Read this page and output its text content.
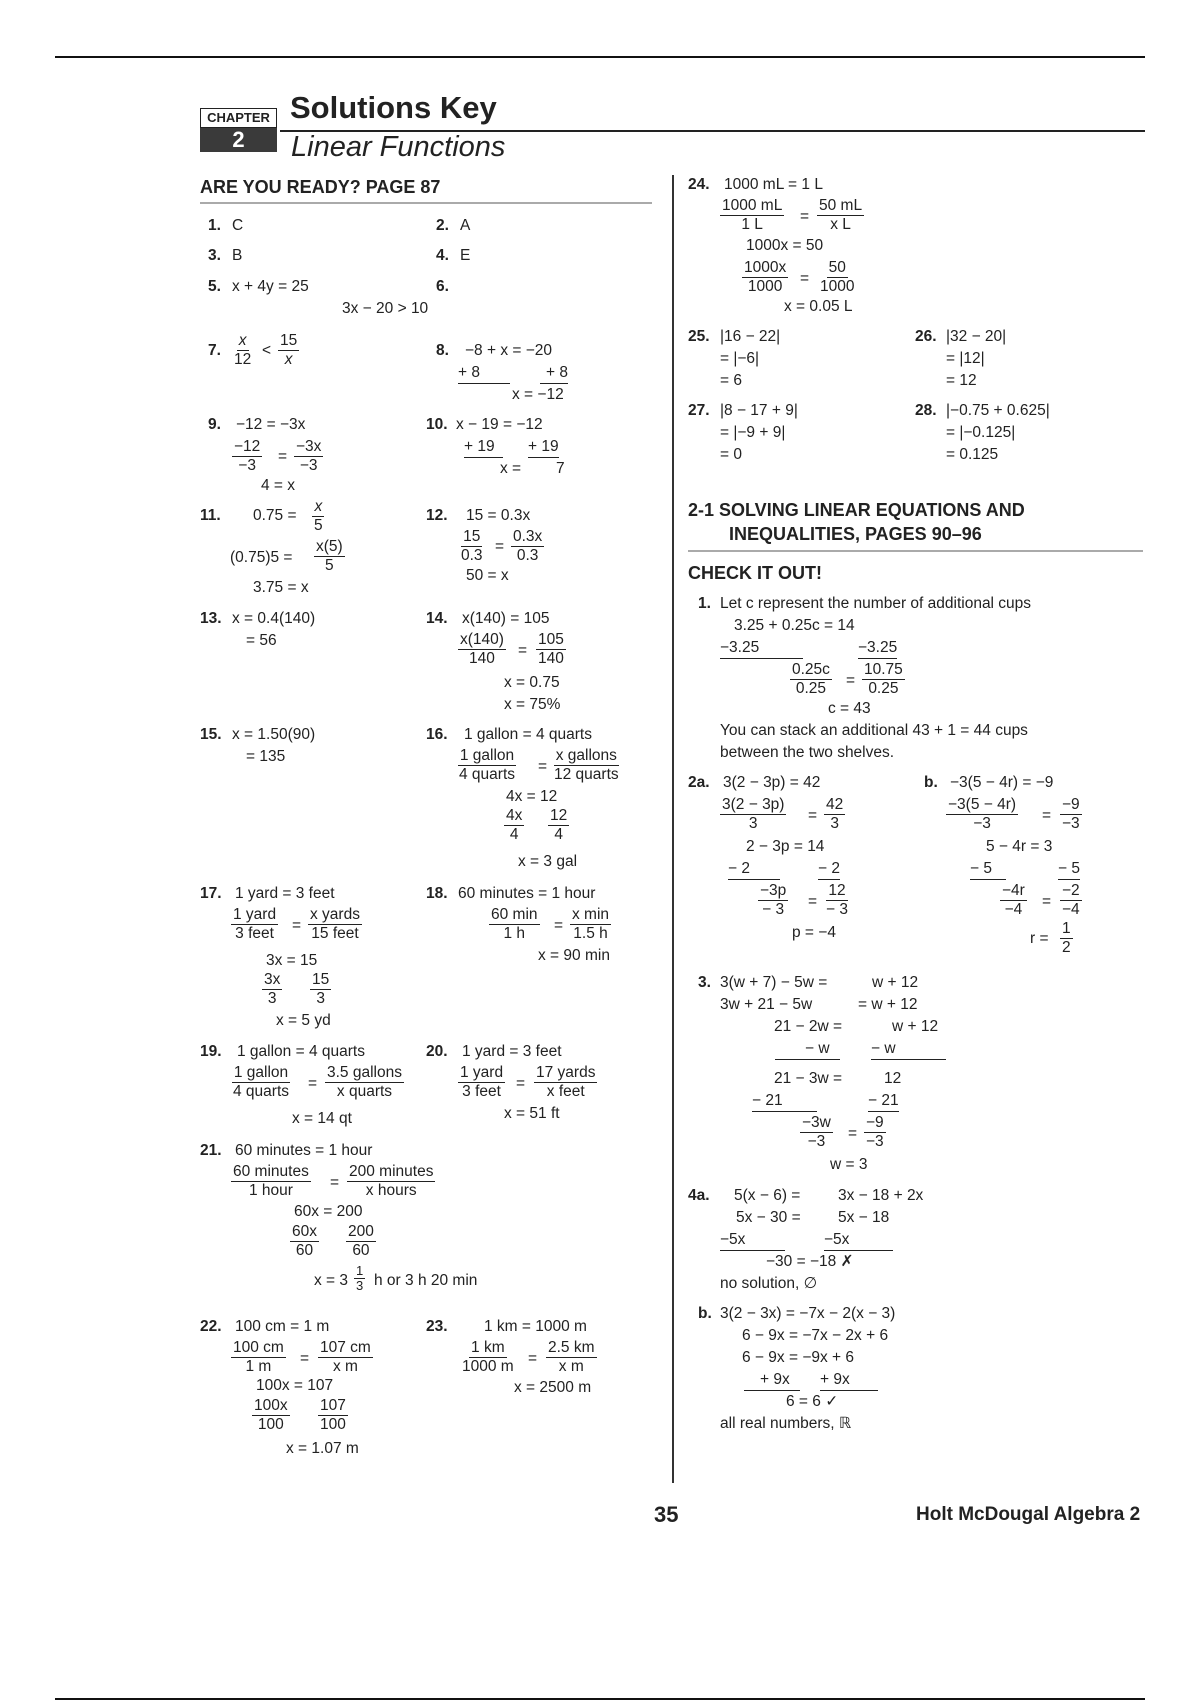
CHAPTER
2
Solutions Key
Linear Functions
ARE YOU READY? PAGE 87
1. C	2. A
3. B	4. E
5. x + 4y = 25	6.
3x − 20 > 10
7. $\frac{x}{12} < \frac{15}{x}$	8. −8 + x = −20
+ 8	+ 8
x = −12
9. −12 = −3x
$\frac{-12}{-3} = \frac{-3x}{-3}$
4 = x
10. x − 19 = −12
+ 19	+ 19
x = 7
11. $0.75 = \frac{x}{5}$
$(0.75)5 = \frac{x(5)}{5}$
3.75 = x
12. 15 = 0.3x
$\frac{15}{0.3} = \frac{0.3x}{0.3}$
50 = x
13. x = 0.4(140)
= 56
14. x(140) = 105
$\frac{x(140)}{140} = \frac{105}{140}$
x = 0.75
x = 75%
15. x = 1.50(90)
= 135
16. 1 gallon = 4 quarts
1 gallon
4 quarts =
x gallons
12 quarts
4x = 12
$\frac{4x}{4} \frac{12}{4}$
x = 3 gal
17. 1 yard = 3 feet
1 yard
3 feet =
x yards
15 feet
3x = 15
$\frac{3x}{3} \frac{15}{3}$
x = 5 yd
18. 60 minutes = 1 hour
60 min
1 h =
x min
1.5 h
x = 90 min
19. 1 gallon = 4 quarts
1 gallon
4 quarts =
3.5 gallons
x quarts
x = 14 qt
20. 1 yard = 3 feet
1 yard
3 feet =
17 yards
x feet
x = 51 ft
21. 60 minutes = 1 hour
60 minutes
1 hour =
200 minutes
x hours
60x = 200
$\frac{60x}{60} \frac{200}{60}$
$x = 3 \frac{1}{3}$ h or 3 h 20 min
22. 100 cm = 1 m
$\frac{100 cm}{1 m} = \frac{107 cm}{\text{x m}}$
100x = 107
$\frac{100x}{100} \frac{107}{100}$
x = 1.07 m
23. 1 km = 1000 m
$\frac{1 km}{1000 m} = \frac{2.5 km}{\text{x m}}$
x = 2500 m
24. 1000 mL = 1 L
$\frac{1000 mL}{1 L} = \frac{50 mL}{\text{x L}}$
1000x = 50
$\frac{1000x}{1000} = \frac{50}{1000}$
x = 0.05 L
25. |16 − 22|
= |−6|
= 6
26. |32 − 20|
= |12|
= 12
27. |8 − 17 + 9|
= |−9 + 9|
= 0
28. |−0.75 + 0.625|
= |−0.125|
= 0.125
2-1 SOLVING LINEAR EQUATIONS AND
INEQUALITIES, PAGES 90–96
CHECK IT OUT!
1. Let c represent the number of additional cups
3.25 + 0.25c = 14
−3.25	−3.25
$\frac{0.25c}{0.25} = \frac{10.75}{0.25}$
c = 43
You can stack an additional 43 + 1 = 44 cups
between the two shelves.
2a. 3(2 − 3p) = 42
$\frac{3(2 - 3p)}{3} = \frac{42}{3}$
2 − 3p = 14
− 2	− 2
$\frac{-3p}{- 3} = \frac{12}{- 3}$
p = −4
b. −3(5 − 4r) = −9
$\frac{-3(5 - 4r)}{-3} = \frac{-9}{-3}$
5 − 4r = 3
− 5	− 5
$\frac{-4r}{-4} = \frac{-2}{-4}$
$r = \frac{1}{2}$
3. 3(w + 7) − 5w =	w + 12
3w + 21 − 5w	= w + 12
21 − 2w =	w + 12
− w	− w
21 − 3w =	12
− 21	− 21
$\frac{-3w}{-3} = \frac{-9}{-3}$
w = 3
4a. 5(x − 6) = 3x − 18 + 2x
5x − 30 = 5x − 18
−5x	−5x
−30 = −18 ✗
no solution, ∅
b. 3(2 − 3x) = −7x − 2(x − 3)
6 − 9x = −7x − 2x + 6
6 − 9x = −9x + 6
+ 9x	+ 9x
6 = 6 ✓
all real numbers, ℝ
35	Holt McDougal Algebra 2
